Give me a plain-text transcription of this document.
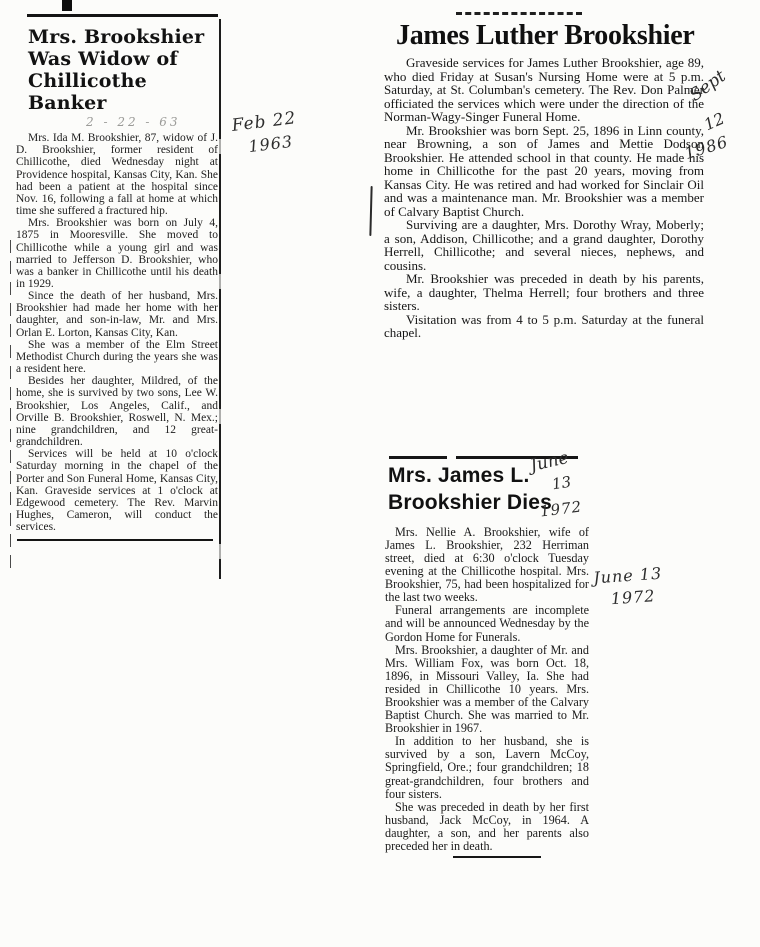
Mrs. Brookshier Was Widow of Chillicothe Banker
2 - 22 - 63

Mrs. Ida M. Brookshier, 87, widow of J. D. Brookshier, former resident of Chillicothe, died Wednesday night at Providence hospital, Kansas City, Kan. She had been a patient at the hospital since Nov. 16, following a fall at home at which time she suffered a fractured hip.

Mrs. Brookshier was born on July 4, 1875 in Mooresville. She moved to Chillicothe while a young girl and was married to Jefferson D. Brookshier, who was a banker in Chillicothe until his death in 1929.

Since the death of her husband, Mrs. Brookshier had made her home with her daughter, and son-in-law, Mr. and Mrs. Orlan E. Lorton, Kansas City, Kan.

She was a member of the Elm Street Methodist Church during the years she was a resident here.

Besides her daughter, Mildred, of the home, she is survived by two sons, Lee W. Brookshier, Los Angeles, Calif., and Orville B. Brookshier, Roswell, N. Mex.; nine grandchildren, and 12 great-grandchildren.

Services will be held at 10 o'clock Saturday morning in the chapel of the Porter and Son Funeral Home, Kansas City, Kan. Graveside services at 1 o'clock at Edgewood cemetery. The Rev. Marvin Hughes, Cameron, will conduct the services.

James Luther Brookshier

Graveside services for James Luther Brookshier, age 89, who died Friday at Susan's Nursing Home were at 5 p.m. Saturday, at St. Columban's cemetery. The Rev. Don Palmer officiated the services which were under the direction of the Norman-Wagy-Singer Funeral Home.

Mr. Brookshier was born Sept. 25, 1896 in Linn county, near Browning, a son of James and Mettie Dodson Brookshier. He attended school in that county. He made his home in Chillicothe for the past 20 years, moving from Kansas City. He was retired and had worked for Sinclair Oil and was a maintenance man. Mr. Brookshier was a member of Calvary Baptist Church.

Surviving are a daughter, Mrs. Dorothy Wray, Moberly; a son, Addison, Chillicothe; and a grand daughter, Dorothy Herrell, Chillicothe; and several nieces, nephews, and cousins.

Mr. Brookshier was preceded in death by his parents, wife, a daughter, Thelma Herrell; four brothers and three sisters.

Visitation was from 4 to 5 p.m. Saturday at the funeral chapel.

Mrs. James L.
Brookshier Dies

Mrs. Nellie A. Brookshier, wife of James L. Brookshier, 232 Herriman street, died at 6:30 o'clock Tuesday evening at the Chillicothe hospital. Mrs. Brookshier, 75, had been hospitalized for the last two weeks.

Funeral arrangements are incomplete and will be announced Wednesday by the Gordon Home for Funerals.

Mrs. Brookshier, a daughter of Mr. and Mrs. William Fox, was born Oct. 18, 1896, in Missouri Valley, Ia. She had resided in Chillicothe 10 years. Mrs. Brookshier was a member of the Calvary Baptist Church. She was married to Mr. Brookshier in 1967.

In addition to her husband, she is survived by a son, Lavern McCoy, Springfield, Ore.; four grandchildren; 18 great-grandchildren, four brothers and four sisters.

She was preceded in death by her first husband, Jack McCoy, in 1964. A daughter, a son, and her parents also preceded her in death.

Feb 22
1963
Sept
12
1986
June
13
1972
June 13
1972
